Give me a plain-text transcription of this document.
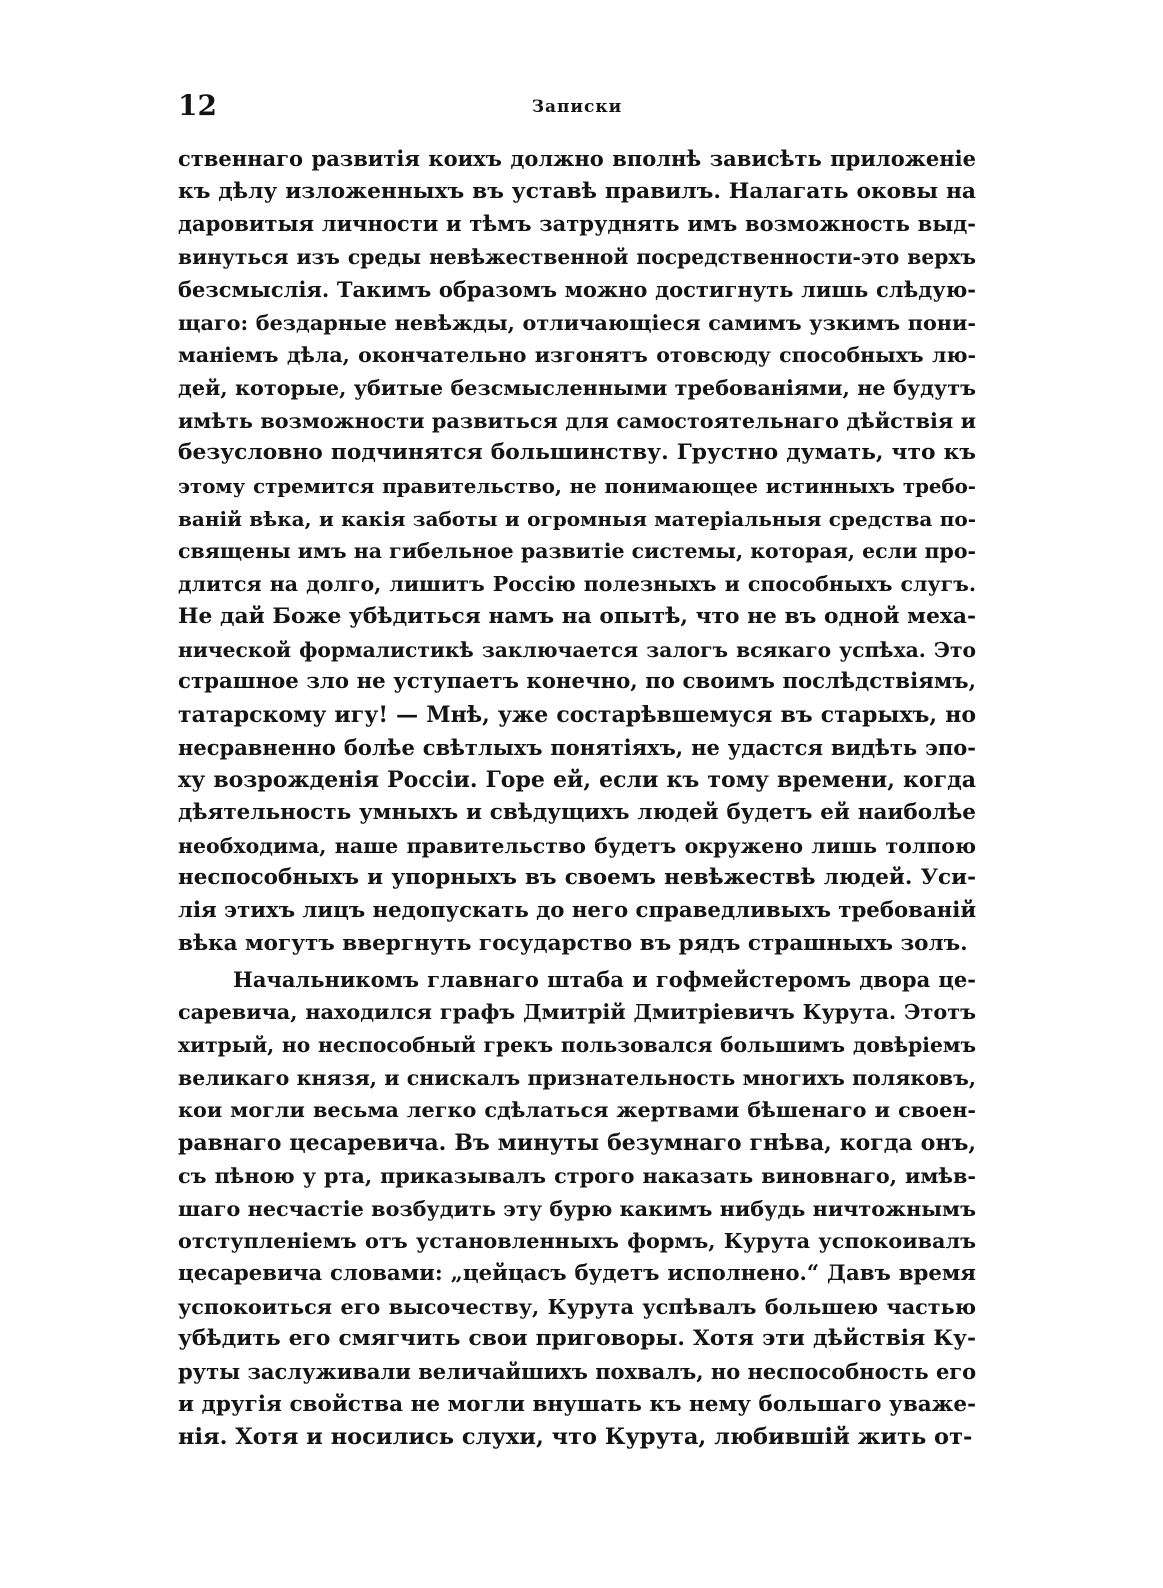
12	Записки

ственнаго развитія коихъ должно вполнѣ зависѣть приложеніе
къ дѣлу изложенныхъ въ уставѣ правилъ. Налагать оковы на
даровитыя личности и тѣмъ затруднять имъ возможность выд-
винуться изъ среды невѣжественной посредственности-это верхъ
безсмыслія. Такимъ образомъ можно достигнуть лишь слѣдую-
щаго: бездарные невѣжды, отличающіеся самимъ узкимъ пони-
маніемъ дѣла, окончательно изгонятъ отовсюду способныхъ лю-
дей, которые, убитые безсмысленными требованіями, не будутъ
имѣть возможности развиться для самостоятельнаго дѣйствія и
безусловно подчинятся большинству. Грустно думать, что къ
этому стремится правительство, не понимающее истинныхъ требо-
ваній вѣка, и какія заботы и огромныя матеріальныя средства по-
священы имъ на гибельное развитіе системы, которая, если про-
длится на долго, лишитъ Россію полезныхъ и способныхъ слугъ.
Не дай Боже убѣдиться намъ на опытѣ, что не въ одной меха-
нической формалистикѣ заключается залогъ всякаго успѣха. Это
страшное зло не уступаетъ конечно, по своимъ послѣдствіямъ,
татарскому игу! — Мнѣ, уже состарѣвшемуся въ старыхъ, но
несравненно болѣе свѣтлыхъ понятіяхъ, не удастся видѣть эпо-
ху возрожденія Россіи. Горе ей, если къ тому времени, когда
дѣятельность умныхъ и свѣдущихъ людей будетъ ей наиболѣе
необходима, наше правительство будетъ окружено лишь толпою
неспособныхъ и упорныхъ въ своемъ невѣжествѣ людей. Уси-
лія этихъ лицъ недопускать до него справедливыхъ требованій
вѣка могутъ ввергнуть государство въ рядъ страшныхъ золъ.

Начальникомъ главнаго штаба и гофмейстеромъ двора це-
саревича, находился графъ Дмитрій Дмитріевичъ Курута. Этотъ
хитрый, но неспособный грекъ пользовался большимъ довѣріемъ
великаго князя, и снискалъ признательность многихъ поляковъ,
кои могли весьма легко сдѣлаться жертвами бѣшенаго и своен-
равнаго цесаревича. Въ минуты безумнаго гнѣва, когда онъ,
съ пѣною у рта, приказывалъ строго наказать виновнаго, имѣв-
шаго несчастіе возбудить эту бурю какимъ нибудь ничтожнымъ
отступленіемъ отъ установленныхъ формъ, Курута успокоивалъ
цесаревича словами: „цейцасъ будетъ исполнено.“ Давъ время
успокоиться его высочеству, Курута успѣвалъ большею частью
убѣдить его смягчить свои приговоры. Хотя эти дѣйствія Ку-
руты заслуживали величайшихъ похвалъ, но неспособность его
и другія свойства не могли внушать къ нему большаго уваже-
нія. Хотя и носились слухи, что Курута, любившій жить от-
